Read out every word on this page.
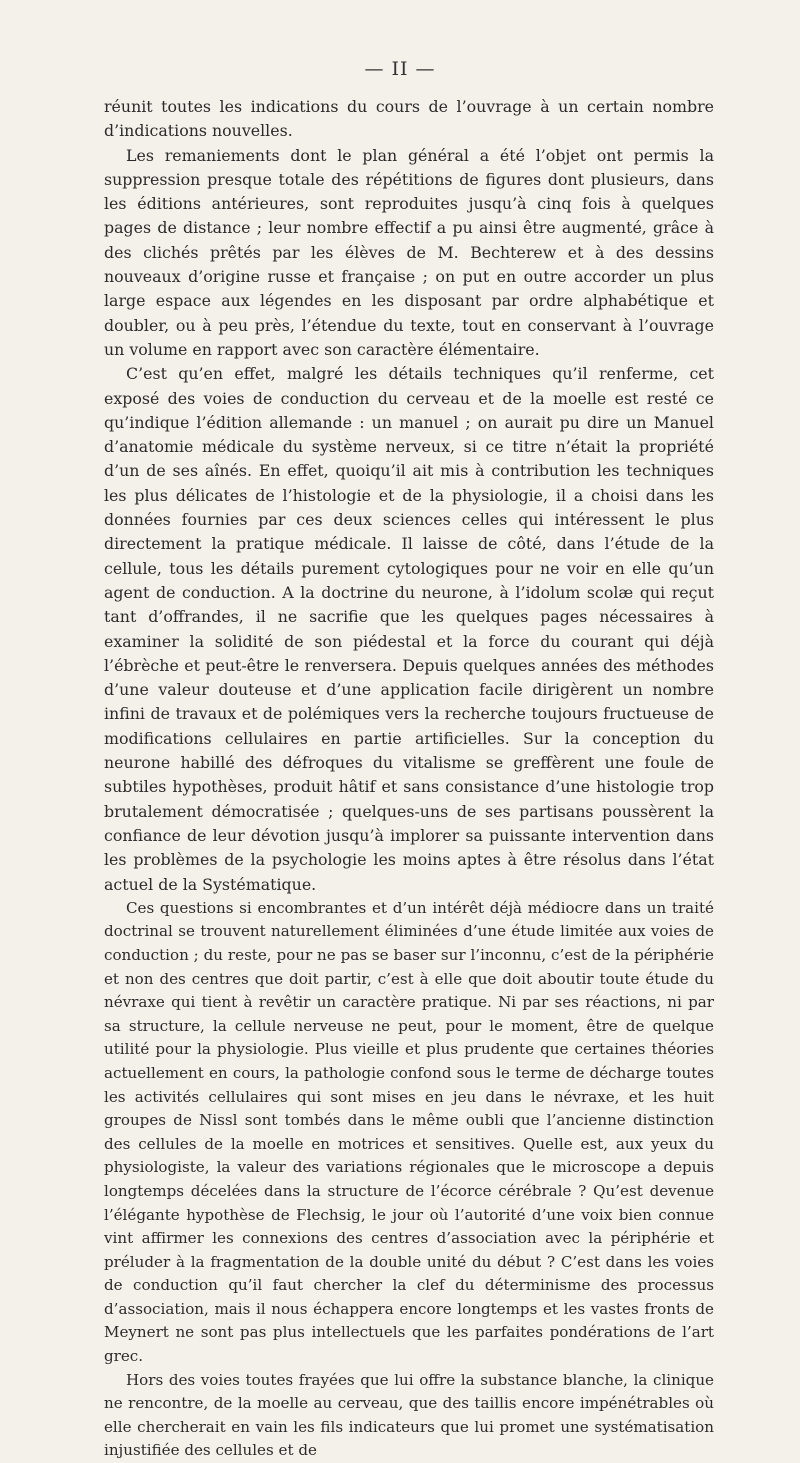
— II —

réunit toutes les indications du cours de l’ouvrage à un certain nombre d’indications nouvelles.

Les remaniements dont le plan général a été l’objet ont permis la suppression presque totale des répétitions de figures dont plusieurs, dans les éditions antérieures, sont reproduites jusqu’à cinq fois à quelques pages de distance ; leur nombre effectif a pu ainsi être augmenté, grâce à des clichés prêtés par les élèves de M. Bechterew et à des dessins nouveaux d’origine russe et française ; on put en outre accorder un plus large espace aux légendes en les disposant par ordre alphabétique et doubler, ou à peu près, l’étendue du texte, tout en conservant à l’ouvrage un volume en rapport avec son caractère élémentaire.

C’est qu’en effet, malgré les détails techniques qu’il renferme, cet exposé des voies de conduction du cerveau et de la moelle est resté ce qu’indique l’édition allemande : un manuel ; on aurait pu dire un Manuel d’anatomie médicale du système nerveux, si ce titre n’était la propriété d’un de ses aînés. En effet, quoiqu’il ait mis à contribution les techniques les plus délicates de l’histologie et de la physiologie, il a choisi dans les données fournies par ces deux sciences celles qui intéressent le plus directement la pratique médicale. Il laisse de côté, dans l’étude de la cellule, tous les détails purement cytologiques pour ne voir en elle qu’un agent de conduction. A la doctrine du neurone, à l’idolum scolæ qui reçut tant d’offrandes, il ne sacrifie que les quelques pages nécessaires à examiner la solidité de son piédestal et la force du courant qui déjà l’ébrèche et peut-être le renversera. Depuis quelques années des méthodes d’une valeur douteuse et d’une application facile dirigèrent un nombre infini de travaux et de polémiques vers la recherche toujours fructueuse de modifications cellulaires en partie artificielles. Sur la conception du neurone habillé des défroques du vitalisme se greffèrent une foule de subtiles hypothèses, produit hâtif et sans consistance d’une histologie trop brutalement démocratisée ; quelques-uns de ses partisans poussèrent la confiance de leur dévotion jusqu’à implorer sa puissante intervention dans les problèmes de la psychologie les moins aptes à être résolus dans l’état actuel de la Systématique.

Ces questions si encombrantes et d’un intérêt déjà médiocre dans un traité doctrinal se trouvent naturellement éliminées d’une étude limitée aux voies de conduction ; du reste, pour ne pas se baser sur l’inconnu, c’est de la périphérie et non des centres que doit partir, c’est à elle que doit aboutir toute étude du névraxe qui tient à revêtir un caractère pratique. Ni par ses réactions, ni par sa structure, la cellule nerveuse ne peut, pour le moment, être de quelque utilité pour la physiologie. Plus vieille et plus prudente que certaines théories actuellement en cours, la pathologie confond sous le terme de décharge toutes les activités cellulaires qui sont mises en jeu dans le névraxe, et les huit groupes de Nissl sont tombés dans le même oubli que l’ancienne distinction des cellules de la moelle en motrices et sensitives. Quelle est, aux yeux du physiologiste, la valeur des variations régionales que le microscope a depuis longtemps décelées dans la structure de l’écorce cérébrale ? Qu’est devenue l’élégante hypothèse de Flechsig, le jour où l’autorité d’une voix bien connue vint affirmer les connexions des centres d’association avec la périphérie et préluder à la fragmentation de la double unité du début ? C’est dans les voies de conduction qu’il faut chercher la clef du déterminisme des processus d’association, mais il nous échappera encore longtemps et les vastes fronts de Meynert ne sont pas plus intellectuels que les parfaites pondérations de l’art grec.

Hors des voies toutes frayées que lui offre la substance blanche, la clinique ne rencontre, de la moelle au cerveau, que des taillis encore impénétrables où elle chercherait en vain les fils indicateurs que lui promet une systématisation injustifiée des cellules et de
